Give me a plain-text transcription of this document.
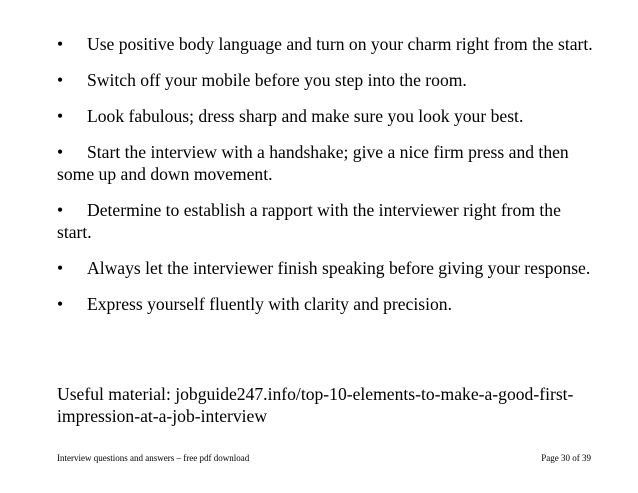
• Use positive body language and turn on your charm right from the start.
• Switch off your mobile before you step into the room.
• Look fabulous; dress sharp and make sure you look your best.
• Start the interview with a handshake; give a nice firm press and then some up and down movement.
• Determine to establish a rapport with the interviewer right from the start.
• Always let the interviewer finish speaking before giving your response.
• Express yourself fluently with clarity and precision.

Useful material: jobguide247.info/top-10-elements-to-make-a-good-first-impression-at-a-job-interview

Interview questions and answers – free pdf download	Page 30 of 39
